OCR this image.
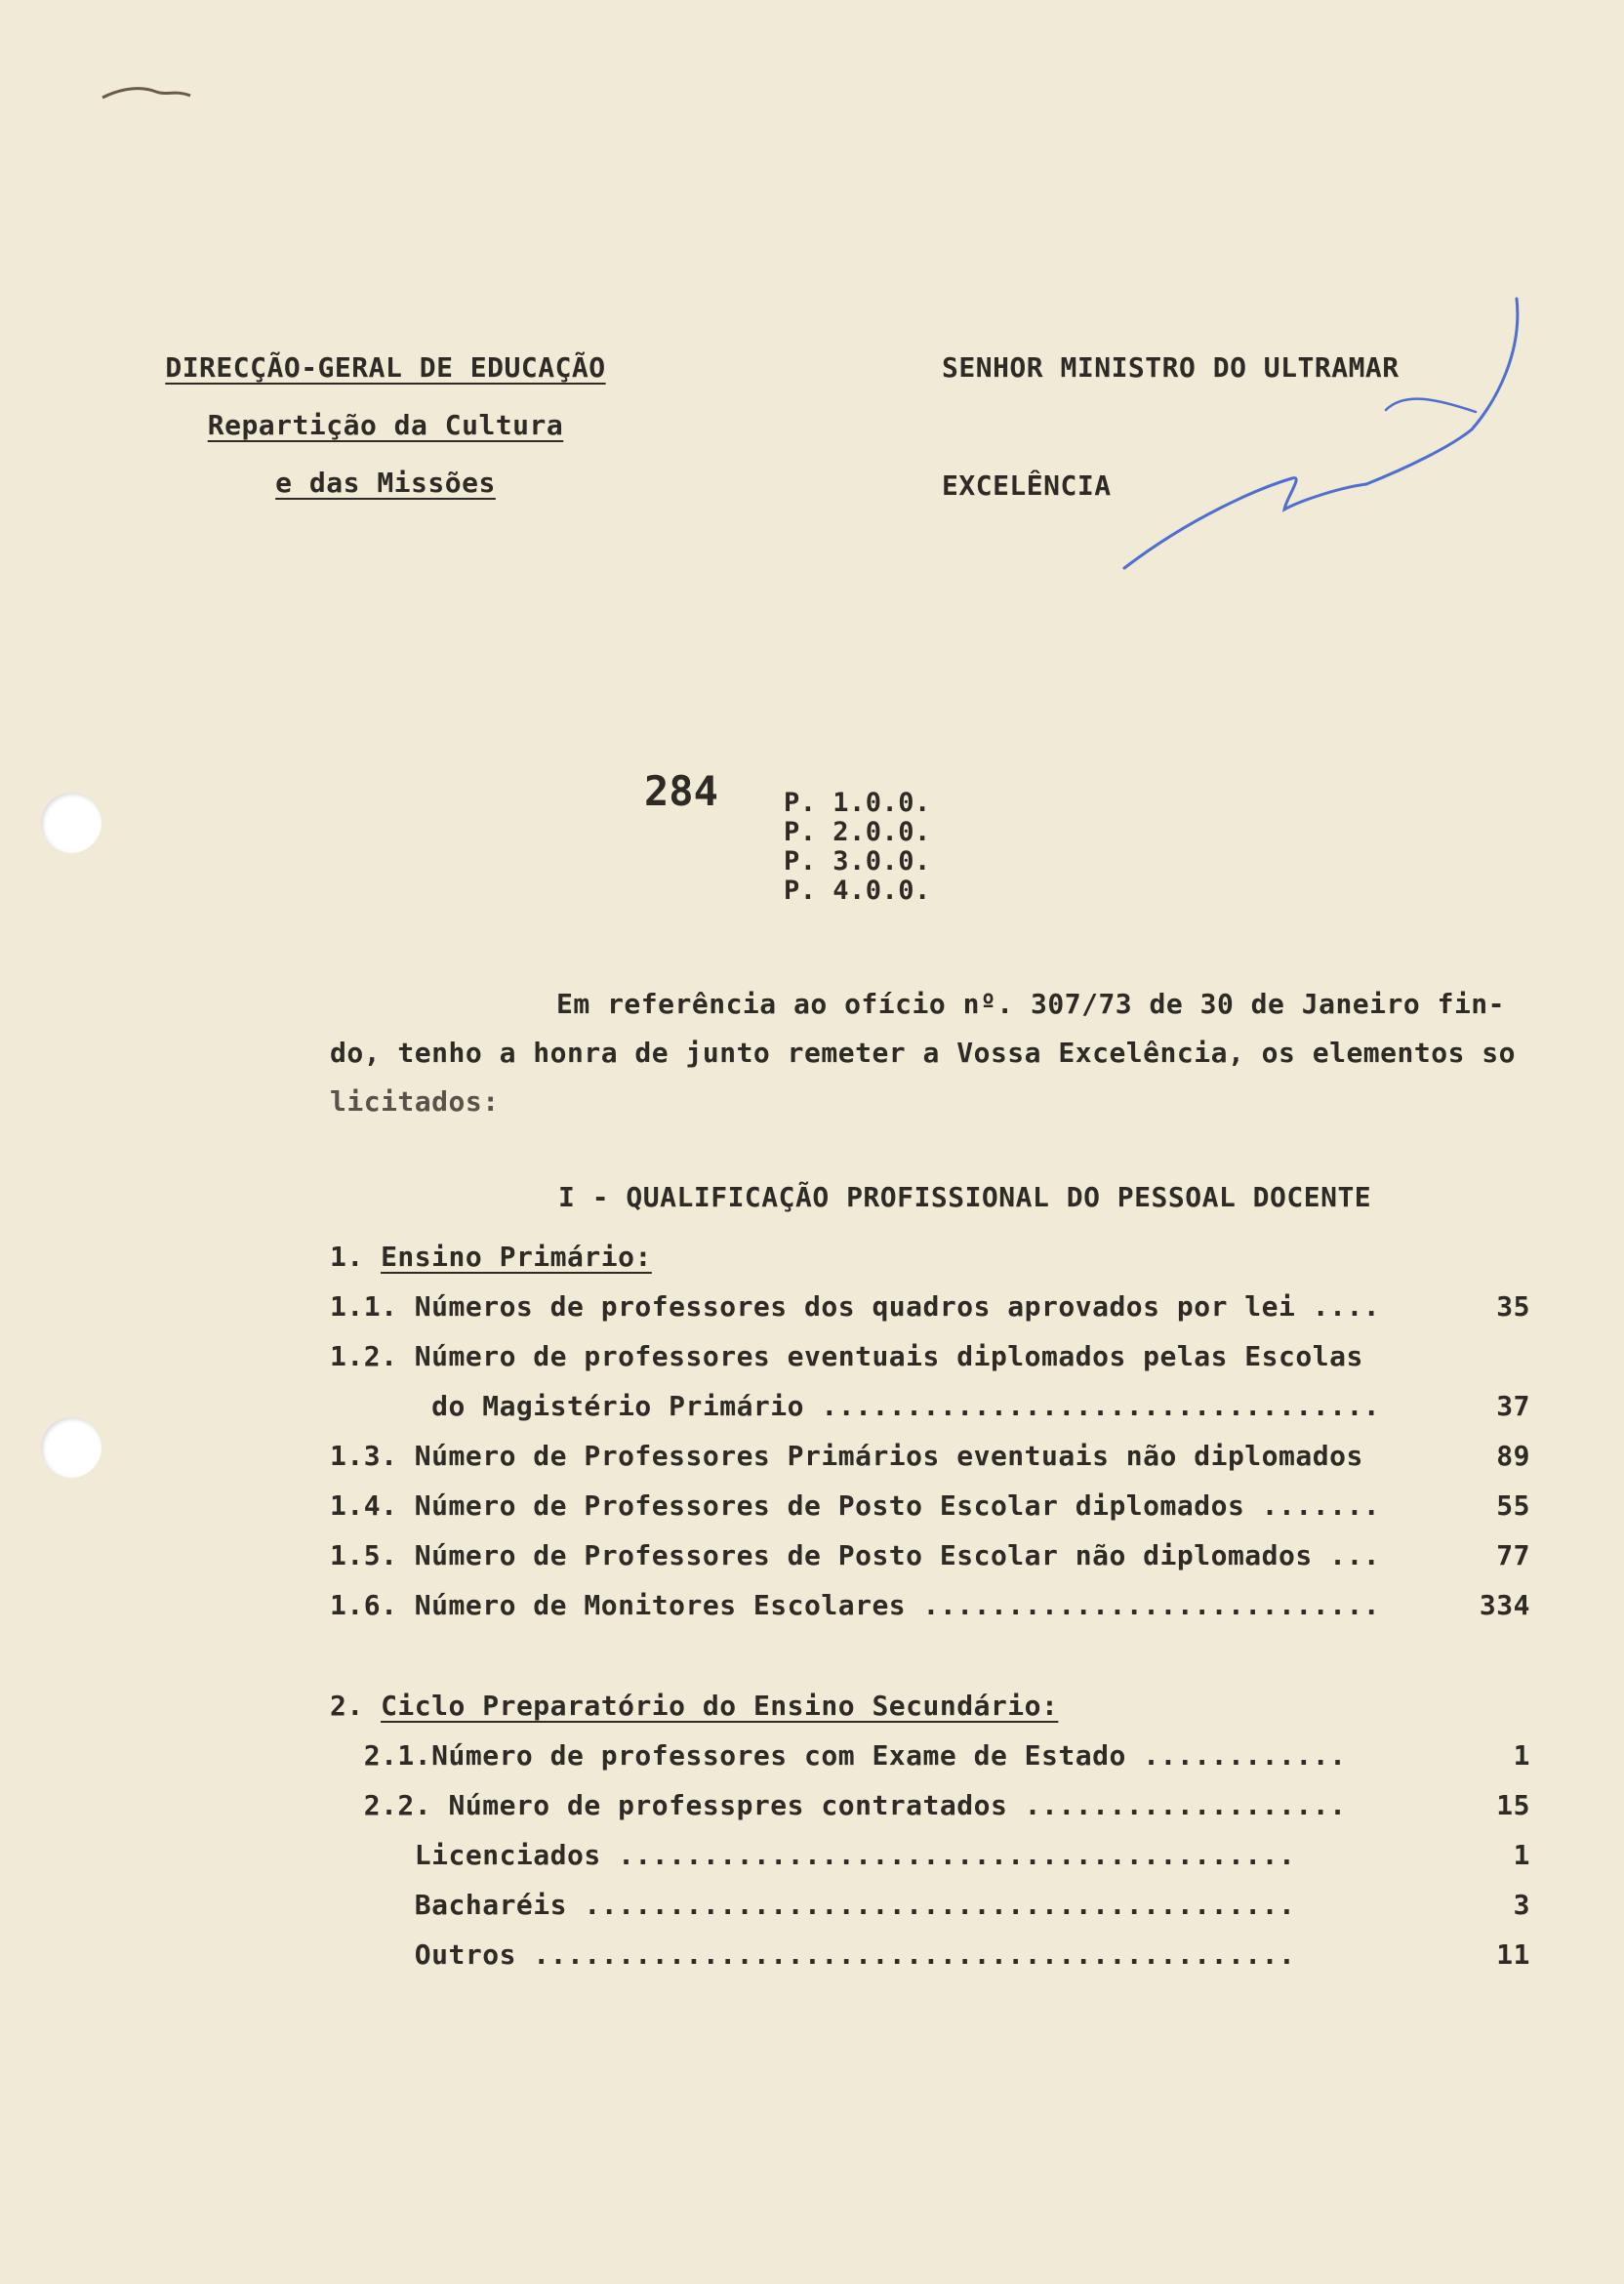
DIRECÇÃO-GERAL DE EDUCAÇÃO
Repartição da Cultura
e das Missões
SENHOR MINISTRO DO ULTRAMAR
EXCELÊNCIA
284 P. 1.0.0.
P. 2.0.0.
P. 3.0.0.
P. 4.0.0.
Em referência ao ofício nº. 307/73 de 30 de Janeiro fin-
do, tenho a honra de junto remeter a Vossa Excelência, os elementos so
licitados:
I - QUALIFICAÇÃO PROFISSIONAL DO PESSOAL DOCENTE
1. Ensino Primário:
1.1. Números de professores dos quadros aprovados por lei ....	35
1.2. Número de professores eventuais diplomados pelas Escolas
do Magistério Primário .................................	37
1.3. Número de Professores Primários eventuais não diplomados	89
1.4. Número de Professores de Posto Escolar diplomados .......	55
1.5. Número de Professores de Posto Escolar não diplomados ...	77
1.6. Número de Monitores Escolares ...........................	334
2. Ciclo Preparatório do Ensino Secundário:
2.1.Número de professores com Exame de Estado ............	1
2.2. Número de professpres contratados ...................	15
Licenciados ........................................	1
Bacharéis ..........................................	3
Outros .............................................	11
